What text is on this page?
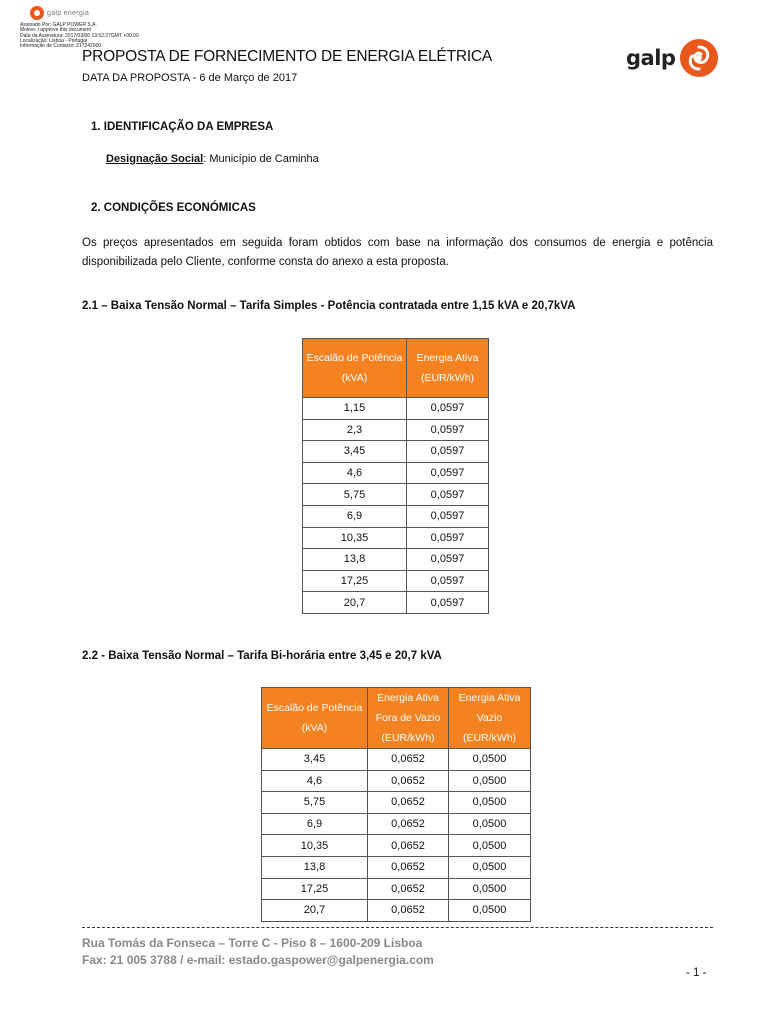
galp energia
Assinado Por: GALP POWER S.A.
Motivo: I approve this document
Data da Assinatura: 2017/03/06 13:52:27GMT +00:00
Localização: Lisboa - Portugal
Informação de Contacto: 217242000	galp
PROPOSTA DE FORNECIMENTO DE ENERGIA ELÉTRICA
DATA DA PROPOSTA - 6 de Março de 2017
1. IDENTIFICAÇÃO DA EMPRESA
Designação Social: Município de Caminha
2. CONDIÇÕES ECONÓMICAS
Os preços apresentados em seguida foram obtidos com base na informação dos consumos de energia e potência disponibilizada pelo Cliente, conforme consta do anexo a esta proposta.
2.1 – Baixa Tensão Normal – Tarifa Simples - Potência contratada entre 1,15 kVA e 20,7kVA
Escalão de Potência (kVA)	Energia Ativa (EUR/kWh)
1,15	0,0597
2,3	0,0597
3,45	0,0597
4,6	0,0597
5,75	0,0597
6,9	0,0597
10,35	0,0597
13,8	0,0597
17,25	0,0597
20,7	0,0597
2.2 - Baixa Tensão Normal – Tarifa Bi-horária entre 3,45 e 20,7 kVA
Escalão de Potência (kVA)	Energia Ativa Fora de Vazio (EUR/kWh)	Energia Ativa Vazio (EUR/kWh)
3,45	0,0652	0,0500
4,6	0,0652	0,0500
5,75	0,0652	0,0500
6,9	0,0652	0,0500
10,35	0,0652	0,0500
13,8	0,0652	0,0500
17,25	0,0652	0,0500
20,7	0,0652	0,0500
Rua Tomás da Fonseca – Torre C - Piso 8 – 1600-209 Lisboa
Fax: 21 005 3788 / e-mail: estado.gaspower@galpenergia.com
- 1 -
